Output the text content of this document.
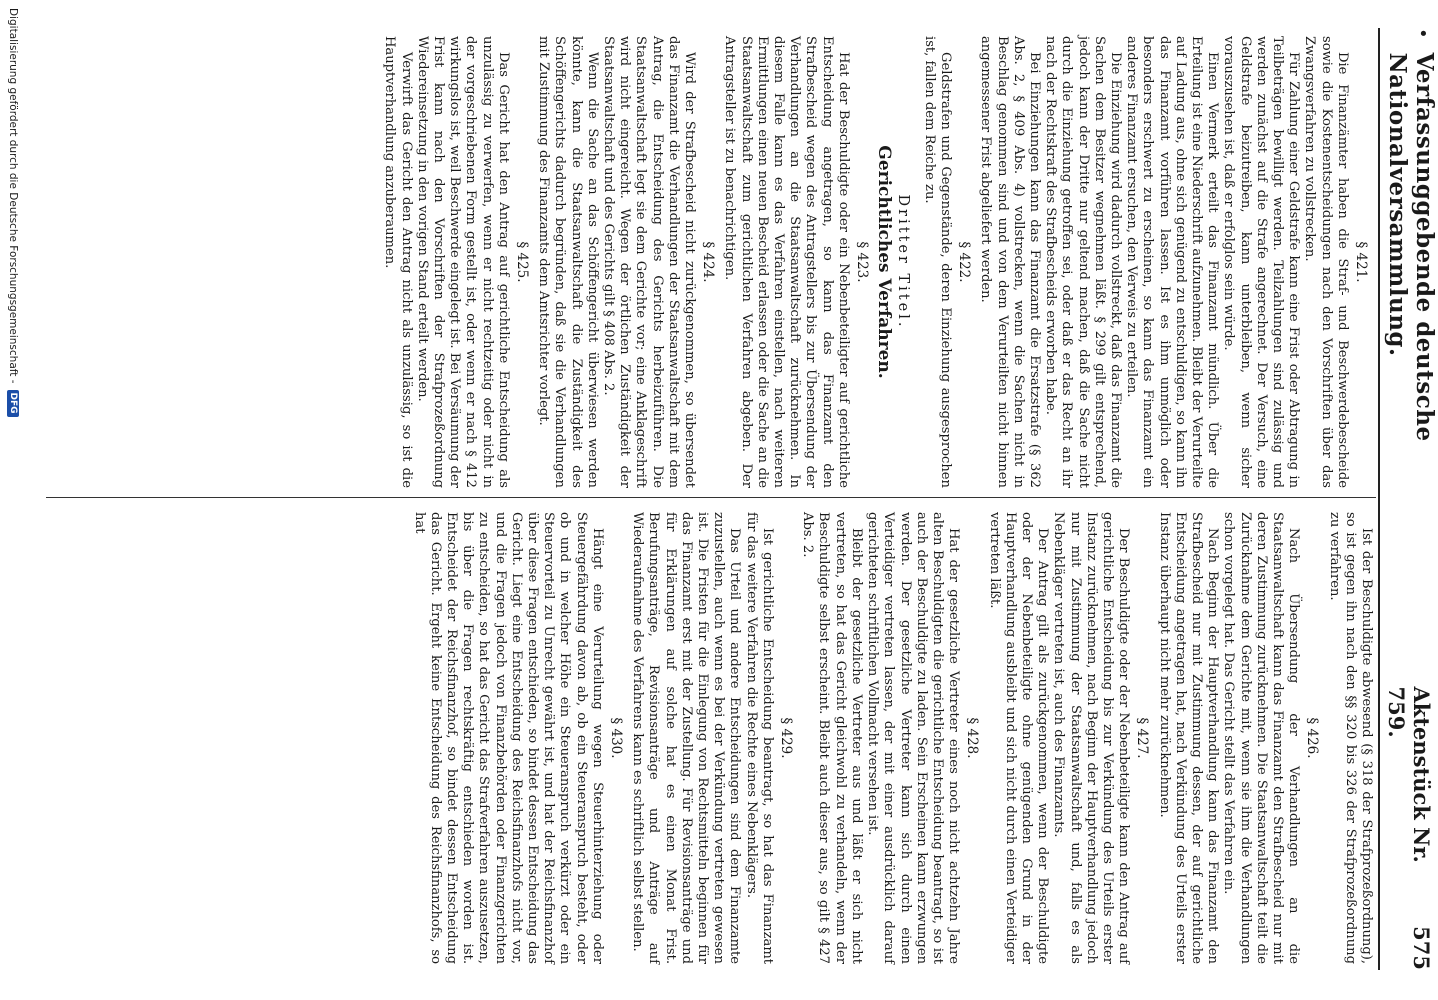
•
Verfassunggebende deutsche Nationalversammlung.
Aktenstück Nr. 759.
575
§ 421.

Die Finanzämter haben die Straf- und Beschwerdebescheide sowie die Kostenentscheidungen nach den Vorschriften über das Zwangsverfahren zu vollstrecken.

Für Zahlung einer Geldstrafe kann eine Frist oder Abtragung in Teilbeträgen bewilligt werden. Teilzahlungen sind zulässig und werden zunächst auf die Strafe angerechnet. Der Versuch, eine Geldstrafe beizutreiben, kann unterbleiben, wenn sicher vorauszusehen ist, daß er erfolglos sein würde.

Einen Vermerk erteilt das Finanzamt mündlich. Über die Erteilung ist eine Niederschrift aufzunehmen. Bleibt der Verurteilte auf Ladung aus, ohne sich genügend zu entschuldigen, so kann ihn das Finanzamt vorführen lassen. Ist es ihm unmöglich oder besonders erschwert zu erscheinen, so kann das Finanzamt ein anderes Finanzamt ersuchen, den Verweis zu erteilen.

Die Einziehung wird dadurch vollstreckt, daß das Finanzamt die Sachen dem Besitzer wegnehmen läßt. § 299 gilt entsprechend, jedoch kann der Dritte nur geltend machen, daß die Sache nicht durch die Einziehung getroffen sei, oder daß er das Recht an ihr nach der Rechtskraft des Strafbescheids erworben habe.

Bei Einziehungen kann das Finanzamt die Ersatzstrafe (§ 362 Abs. 2, § 409 Abs. 4) vollstrecken, wenn die Sachen nicht in Beschlag genommen sind und von dem Verurteilten nicht binnen angemessener Frist abgeliefert werden.

§ 422.

Geldstrafen und Gegenstände, deren Einziehung ausgesprochen ist, fallen dem Reiche zu.

Dritter Titel.
Gerichtliches Verfahren.
§ 423.

Hat der Beschuldigte oder ein Nebenbeteiligter auf gerichtliche Entscheidung angetragen, so kann das Finanzamt den Strafbescheid wegen des Antragstellers bis zur Übersendung der Verhandlungen an die Staatsanwaltschaft zurücknehmen. In diesem Falle kann es das Verfahren einstellen, nach weiteren Ermittlungen einen neuen Bescheid erlassen oder die Sache an die Staatsanwaltschaft zum gerichtlichen Verfahren abgeben. Der Antragsteller ist zu benachrichtigen.

§ 424.

Wird der Strafbescheid nicht zurückgenommen, so übersendet das Finanzamt die Verhandlungen der Staatsanwaltschaft mit dem Antrag, die Entscheidung des Gerichts herbeizuführen. Die Staatsanwaltschaft legt sie dem Gerichte vor; eine Anklageschrift wird nicht eingereicht. Wegen der örtlichen Zuständigkeit der Staatsanwaltschaft und des Gerichts gilt § 408 Abs. 2.

Wenn die Sache an das Schöffengericht überwiesen werden könnte, kann die Staatsanwaltschaft die Zuständigkeit des Schöffengerichts dadurch begründen, daß sie die Verhandlungen mit Zustimmung des Finanzamts dem Amtsrichter vorlegt.

§ 425.

Das Gericht hat den Antrag auf gerichtliche Entscheidung als unzulässig zu verwerfen, wenn er nicht rechtzeitig oder nicht in der vorgeschriebenen Form gestellt ist, oder wenn er nach § 412 wirkungslos ist, weil Beschwerde eingelegt ist. Bei Versäumung der Frist kann nach den Vorschriften der Strafprozeßordnung Wiedereinsetzung in den vorigen Stand erteilt werden.

Verwirft das Gericht den Antrag nicht als unzulässig, so ist die Hauptverhandlung anzuberaumen.

Ist der Beschuldigte abwesend (§ 318 der Strafprozeßordnung), so ist gegen ihn nach den §§ 320 bis 326 der Strafprozeßordnung zu verfahren.

§ 426.

Nach Übersendung der Verhandlungen an die Staatsanwaltschaft kann das Finanzamt den Strafbescheid nur mit deren Zustimmung zurücknehmen. Die Staatsanwaltschaft teilt die Zurücknahme dem Gerichte mit, wenn sie ihm die Verhandlungen schon vorgelegt hat. Das Gericht stellt das Verfahren ein.

Nach Beginn der Hauptverhandlung kann das Finanzamt den Strafbescheid nur mit Zustimmung dessen, der auf gerichtliche Entscheidung angetragen hat, nach Verkündung des Urteils erster Instanz überhaupt nicht mehr zurücknehmen.

§ 427.

Der Beschuldigte oder der Nebenbeteiligte kann den Antrag auf gerichtliche Entscheidung bis zur Verkündung des Urteils erster Instanz zurücknehmen, nach Beginn der Hauptverhandlung jedoch nur mit Zustimmung der Staatsanwaltschaft und, falls es als Nebenkläger vertreten ist, auch des Finanzamts.

Der Antrag gilt als zurückgenommen, wenn der Beschuldigte oder der Nebenbeteiligte ohne genügenden Grund in der Hauptverhandlung ausbleibt und sich nicht durch einen Verteidiger vertreten läßt.

§ 428.

Hat der gesetzliche Vertreter eines noch nicht achtzehn Jahre alten Beschuldigten die gerichtliche Entscheidung beantragt, so ist auch der Beschuldigte zu laden. Sein Erscheinen kann erzwungen werden. Der gesetzliche Vertreter kann sich durch einen Verteidiger vertreten lassen, der mit einer ausdrücklich darauf gerichteten schriftlichen Vollmacht versehen ist.

Bleibt der gesetzliche Vertreter aus und läßt er sich nicht vertreten, so hat das Gericht gleichwohl zu verhandeln, wenn der Beschuldigte selbst erscheint. Bleibt auch dieser aus, so gilt § 427 Abs. 2.

§ 429.

Ist gerichtliche Entscheidung beantragt, so hat das Finanzamt für das weitere Verfahren die Rechte eines Nebenklägers.

Das Urteil und andere Entscheidungen sind dem Finanzamte zuzustellen, auch wenn es bei der Verkündung vertreten gewesen ist. Die Fristen für die Einlegung von Rechtsmitteln beginnen für das Finanzamt erst mit der Zustellung. Für Revisionsanträge und für Erklärungen auf solche hat es einen Monat Frist. Berufungsanträge, Revisionsanträge und Anträge auf Wiederaufnahme des Verfahrens kann es schriftlich selbst stellen.

§ 430.

Hängt eine Verurteilung wegen Steuerhinterziehung oder Steuergefährdung davon ab, ob ein Steueranspruch besteht, oder ob und in welcher Höhe ein Steueranspruch verkürzt oder ein Steuervorteil zu Unrecht gewährt ist, und hat der Reichsfinanzhof über diese Fragen entschieden, so bindet dessen Entscheidung das Gericht. Liegt eine Entscheidung des Reichsfinanzhofs nicht vor, und die Fragen jedoch von Finanzbehörden oder Finanzgerichten zu entscheiden, so hat das Gericht das Strafverfahren auszusetzen, bis über die Fragen rechtskräftig entschieden worden ist. Entscheidet der Reichsfinanzhof, so bindet dessen Entscheidung das Gericht. Ergeht keine Entscheidung des Reichsfinanzhofs, so hat

Digitalisierung gefördert durch die Deutsche Forschungsgemeinschaft -
DFG
